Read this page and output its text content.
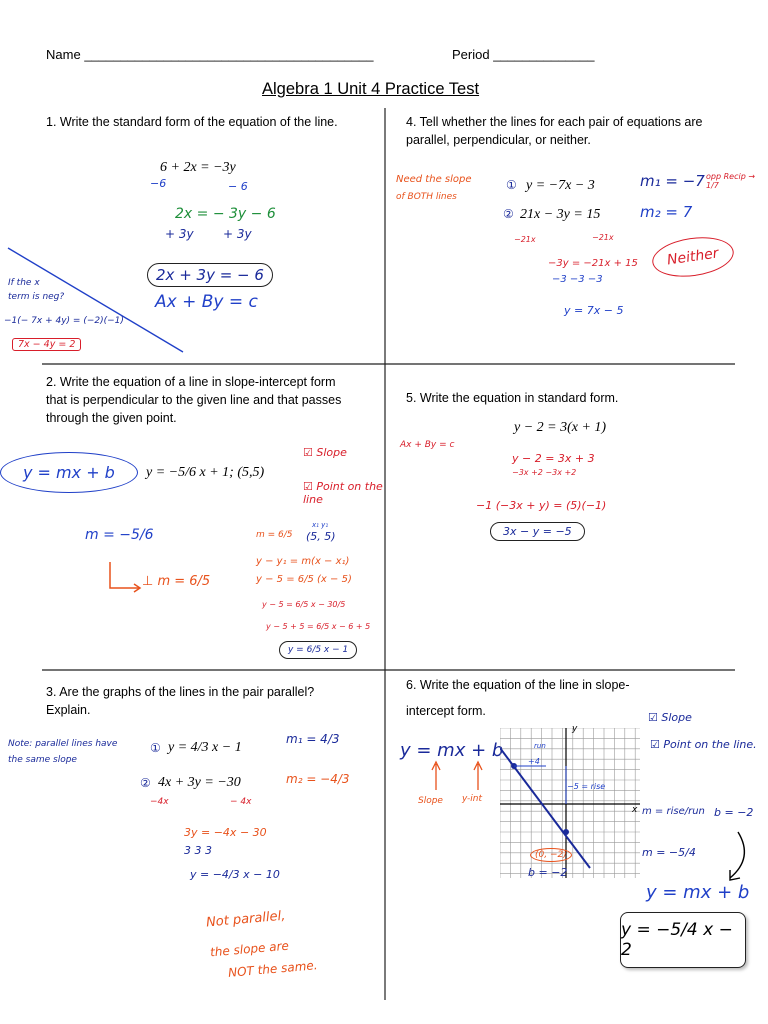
Name ________________________________________	Period ______________
Algebra 1 Unit 4 Practice Test
1. Write the standard form of the equation of the line.
6 + 2x = −3y
−6	− 6
2x = − 3y − 6
+ 3y + 3y
2x + 3y = − 6
Ax + By = c
If the x
term is neg?
−1(− 7x + 4y) = (−2)(−1)
7x − 4y = 2
4. Tell whether the lines for each pair of equations are parallel, perpendicular, or neither.
Need the slope
of BOTH lines
① y = −7x − 3
② 21x − 3y = 15
m₁ = −7 opp Recip → 1/7
m₂ = 7
−21x	−21x
−3y = −21x + 15
−3 −3 −3
y = 7x − 5
Neither
2. Write the equation of a line in slope-intercept form that is perpendicular to the given line and that passes through the given point.
y = −5/6 x + 1; (5,5)
y = mx + b
☑ Slope
☑ Point on the line
m = −5/6
⊥ m = 6/5
m = 6/5
x₁ y₁
(5, 5)
y − y₁ = m(x − x₁)
y − 5 = 6/5 (x − 5)
y − 5 = 6/5 x − 30/5
y − 5 + 5 = 6/5 x − 6 + 5
y = 6/5 x − 1
5. Write the equation in standard form.
y − 2 = 3(x + 1)
Ax + By = c
y − 2 = 3x + 3
−3x +2 −3x +2
−1 (−3x + y) = (5)(−1)
3x − y = −5
3. Are the graphs of the lines in the pair parallel? Explain.
Note: parallel lines have the same slope
① y = 4/3 x − 1
② 4x + 3y = −30
m₁ = 4/3
m₂ = −4/3
−4x	− 4x
3y = −4x − 30
3 3 3
y = −4/3 x − 10
Not parallel,
the slope are
NOT the same.
6. Write the equation of the line in slope-
intercept form.
y = mx + b
Slope y-int
☑ Slope
☑ Point on the line.
y
x
run
+4
−5 = rise
(0, −2)
b = −2
m = rise/run b = −2
m = −5/4
y = mx + b
y = −5/4 x − 2
